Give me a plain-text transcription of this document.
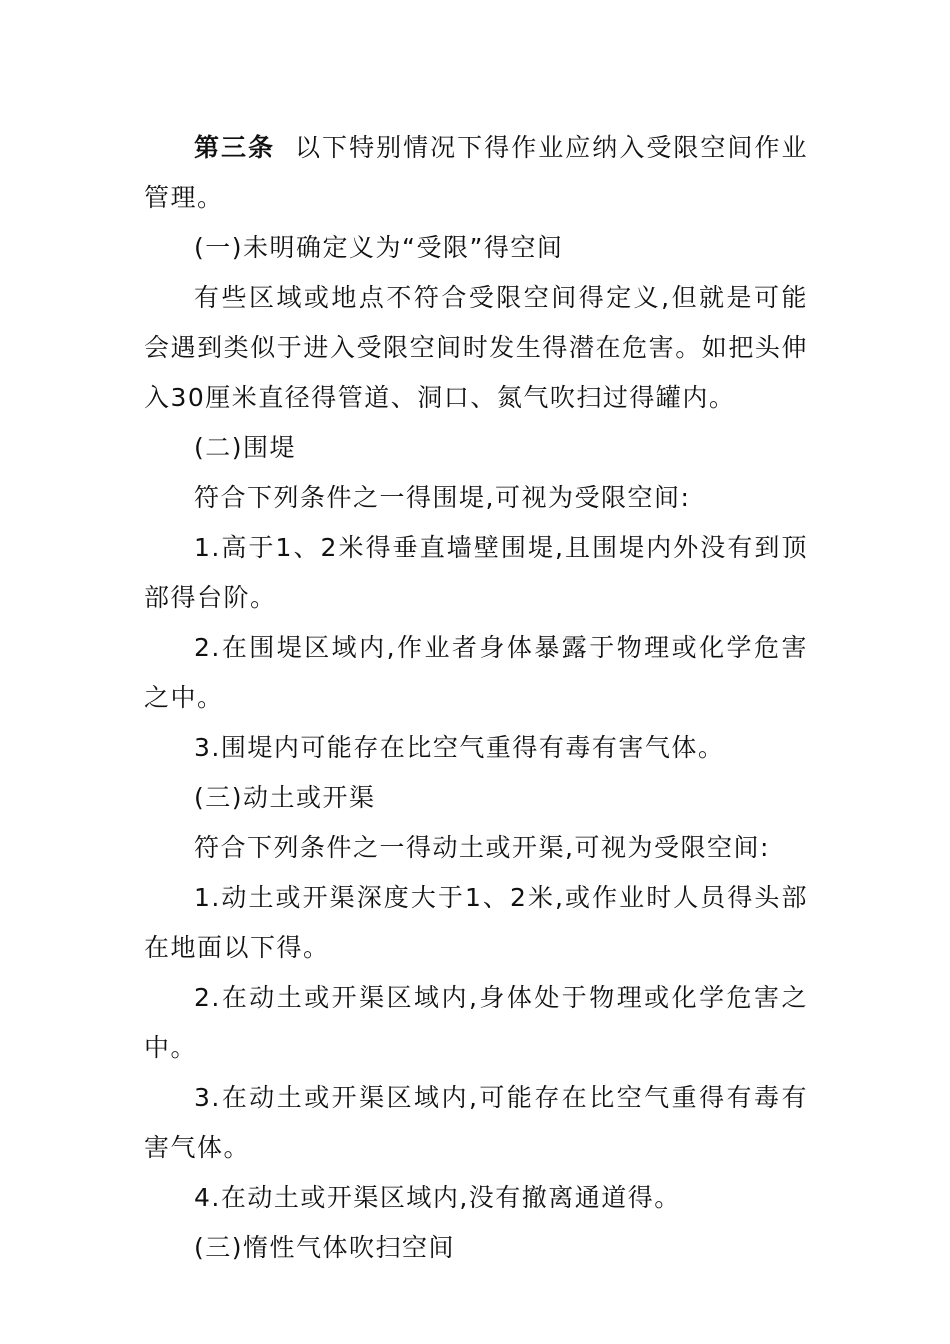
第三条 以下特别情况下得作业应纳入受限空间作业管理。

(一)未明确定义为“受限”得空间

有些区域或地点不符合受限空间得定义,但就是可能会遇到类似于进入受限空间时发生得潜在危害。如把头伸入30厘米直径得管道、洞口、氮气吹扫过得罐内。

(二)围堤

符合下列条件之一得围堤,可视为受限空间:

1.高于1、2米得垂直墙壁围堤,且围堤内外没有到顶部得台阶。

2.在围堤区域内,作业者身体暴露于物理或化学危害之中。

3.围堤内可能存在比空气重得有毒有害气体。

(三)动土或开渠

符合下列条件之一得动土或开渠,可视为受限空间:

1.动土或开渠深度大于1、2米,或作业时人员得头部在地面以下得。

2.在动土或开渠区域内,身体处于物理或化学危害之中。

3.在动土或开渠区域内,可能存在比空气重得有毒有害气体。

4.在动土或开渠区域内,没有撤离通道得。

(三)惰性气体吹扫空间
